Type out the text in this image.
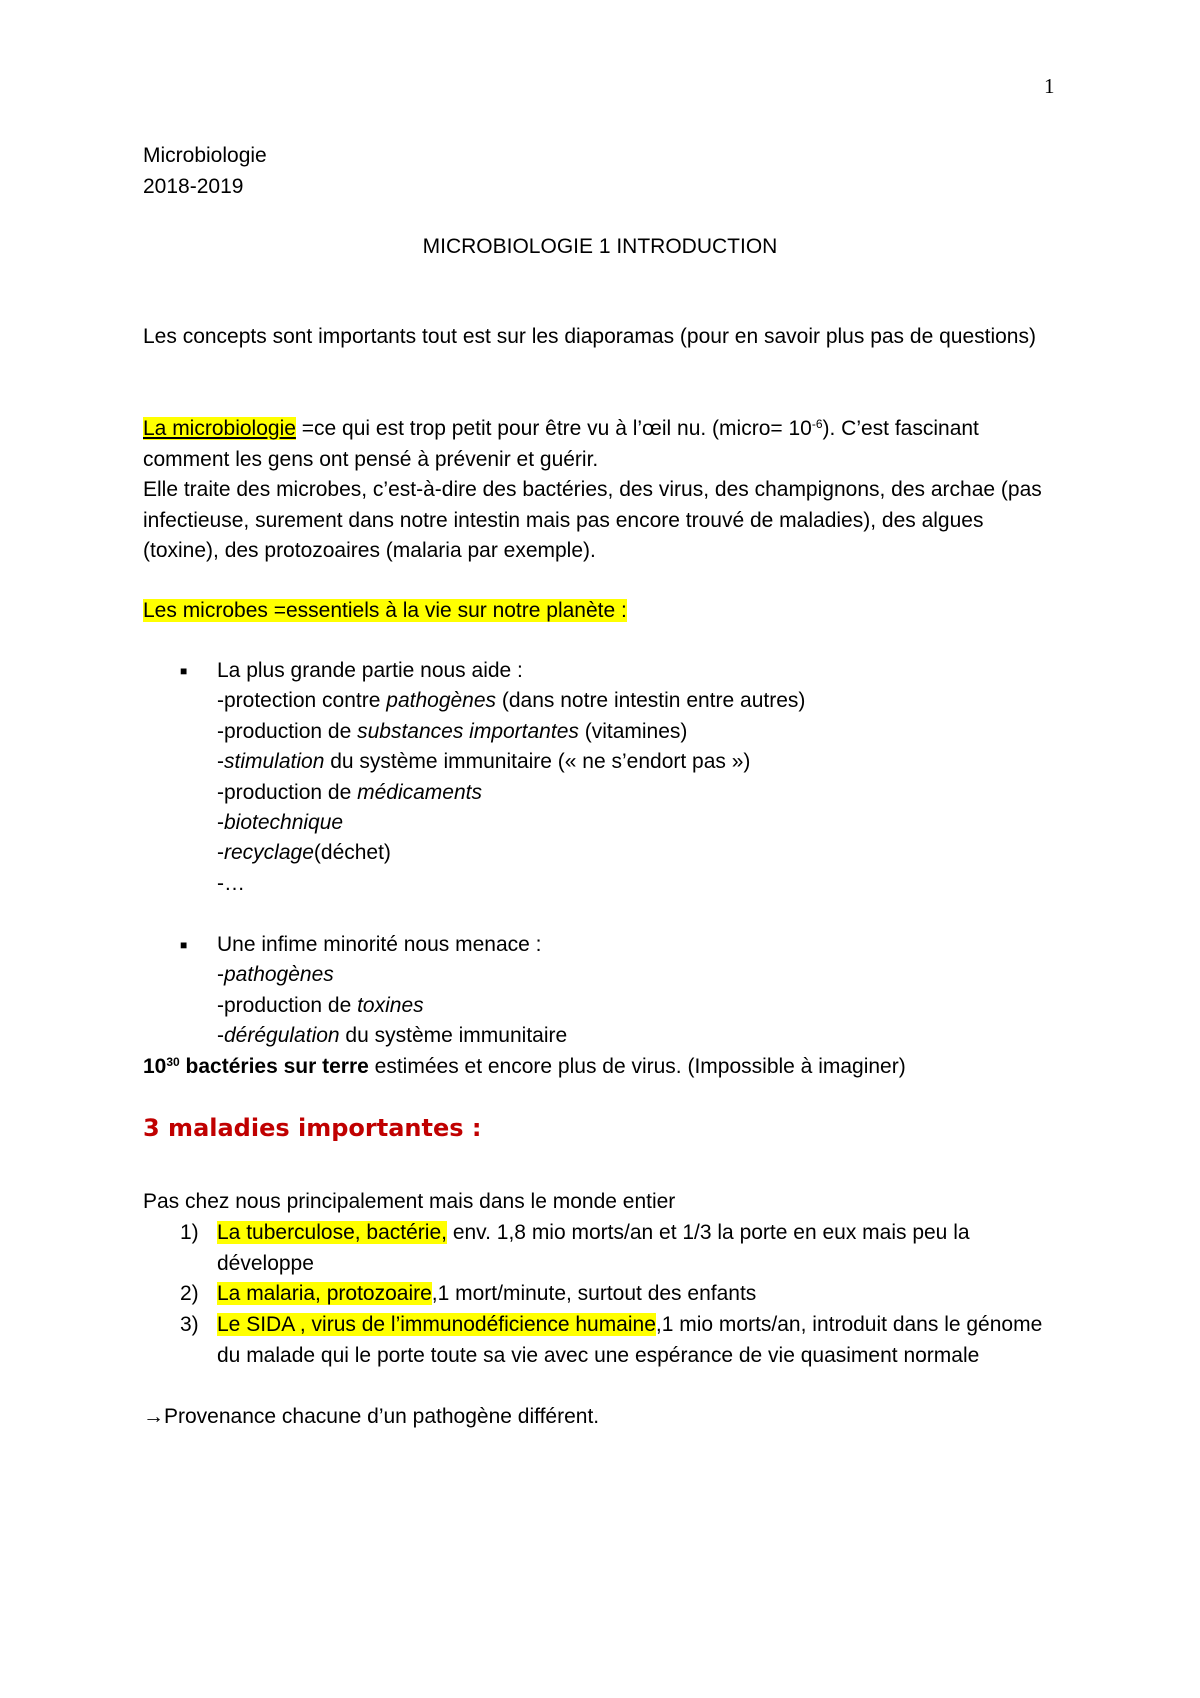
1
Microbiologie
2018-2019
MICROBIOLOGIE 1 INTRODUCTION
Les concepts sont importants tout est sur les diaporamas (pour en savoir plus pas de questions)
La microbiologie =ce qui est trop petit pour être vu à l’œil nu. (micro= $10^{-6}$). C’est fascinant comment les gens ont pensé à prévenir et guérir.
Elle traite des microbes, c’est-à-dire des bactéries, des virus, des champignons, des archae (pas infectieuse, surement dans notre intestin mais pas encore trouvé de maladies), des algues (toxine), des protozoaires (malaria par exemple).
Les microbes =essentiels à la vie sur notre planète :
■ La plus grande partie nous aide :
-protection contre pathogènes (dans notre intestin entre autres)
-production de substances importantes (vitamines)
-stimulation du système immunitaire (« ne s’endort pas »)
-production de médicaments
-biotechnique
-recyclage(déchet)
-…
■ Une infime minorité nous menace :
-pathogènes
-production de toxines
-dérégulation du système immunitaire
$10^{30}$ bactéries sur terre estimées et encore plus de virus. (Impossible à imaginer)
3 maladies importantes :
Pas chez nous principalement mais dans le monde entier
1) La tuberculose, bactérie, env. 1,8 mio morts/an et 1/3 la porte en eux mais peu la développe
2) La malaria, protozoaire,1 mort/minute, surtout des enfants
3) Le SIDA , virus de l’immunodéficience humaine,1 mio morts/an, introduit dans le génome du malade qui le porte toute sa vie avec une espérance de vie quasiment normale
→Provenance chacune d’un pathogène différent.
